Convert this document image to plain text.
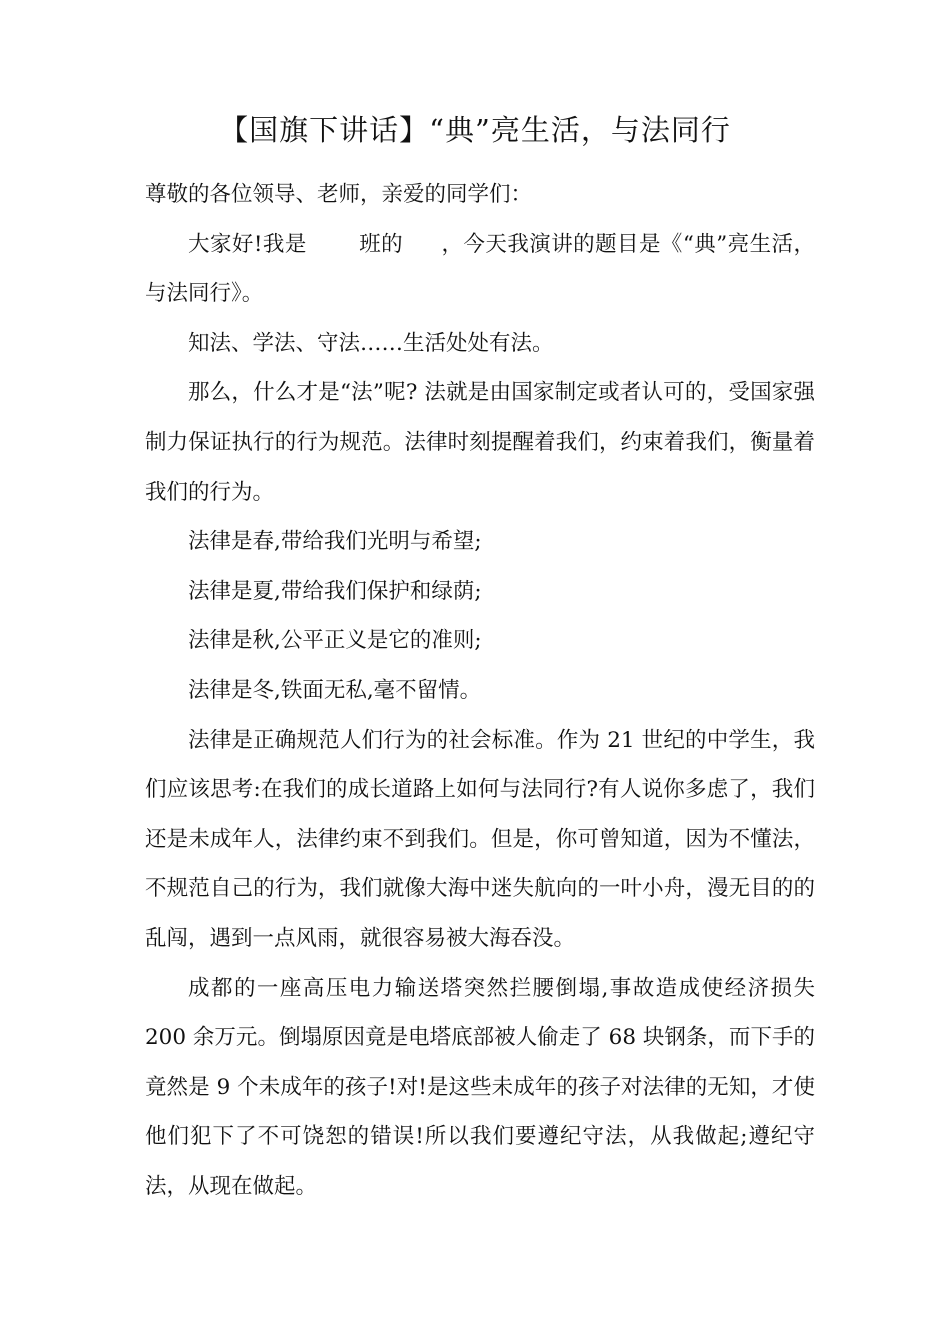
【国旗下讲话】“典”亮生活，与法同行

尊敬的各位领导、老师，亲爱的同学们：

大家好!我是 班的 ，今天我演讲的题目是《“典”亮生活，与法同行》。

知法、学法、守法……生活处处有法。

那么，什么才是“法”呢? 法就是由国家制定或者认可的，受国家强制力保证执行的行为规范。法律时刻提醒着我们，约束着我们，衡量着我们的行为。

法律是春,带给我们光明与希望;

法律是夏,带给我们保护和绿荫;

法律是秋,公平正义是它的准则;

法律是冬,铁面无私,毫不留情。

法律是正确规范人们行为的社会标准。作为 21 世纪的中学生，我们应该思考:在我们的成长道路上如何与法同行?有人说你多虑了，我们还是未成年人，法律约束不到我们。但是，你可曾知道，因为不懂法，不规范自己的行为，我们就像大海中迷失航向的一叶小舟，漫无目的的乱闯，遇到一点风雨，就很容易被大海吞没。

成都的一座高压电力输送塔突然拦腰倒塌,事故造成使经济损失 200 余万元。倒塌原因竟是电塔底部被人偷走了 68 块钢条，而下手的竟然是 9 个未成年的孩子!对!是这些未成年的孩子对法律的无知，才使他们犯下了不可饶恕的错误!所以我们要遵纪守法，从我做起;遵纪守法，从现在做起。
